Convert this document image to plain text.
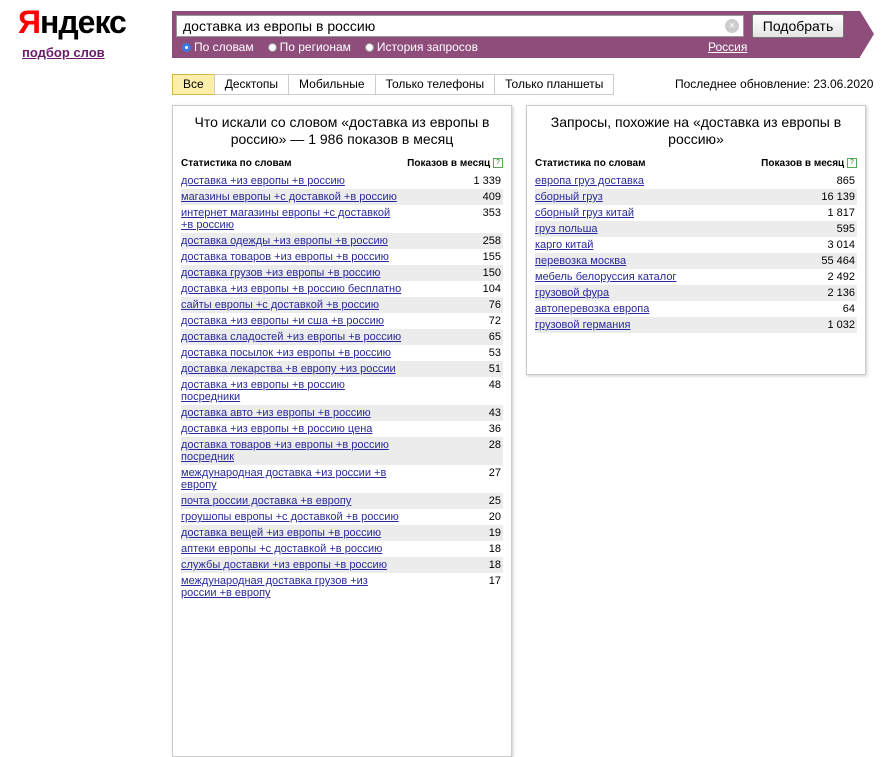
Яндекс
подбор слов
доставка из европы в россию
×	Подобрать
По словам По регионам История запросов	Россия
Все	Десктопы	Мобильные	Только телефоны	Только планшеты	Последнее обновление: 23.06.2020
Что искали со словом «доставка из европы в россию» — 1 986 показов в месяц
Статистика по словам	Показов в месяц ?
доставка +из европы +в россию	1 339
магазины европы +с доставкой +в россию	409
интернет магазины европы +с доставкой +в россию	353
доставка одежды +из европы +в россию	258
доставка товаров +из европы +в россию	155
доставка грузов +из европы +в россию	150
доставка +из европы +в россию бесплатно	104
сайты европы +с доставкой +в россию	76
доставка +из европы +и сша +в россию	72
доставка сладостей +из европы +в россию	65
доставка посылок +из европы +в россию	53
доставка лекарства +в европу +из россии	51
доставка +из европы +в россию посредники	48
доставка авто +из европы +в россию	43
доставка +из европы +в россию цена	36
доставка товаров +из европы +в россию посредник	28
международная доставка +из россии +в европу	27
почта россии доставка +в европу	25
гроушопы европы +с доставкой +в россию	20
доставка вещей +из европы +в россию	19
аптеки европы +с доставкой +в россию	18
службы доставки +из европы +в россию	18
международная доставка грузов +из россии +в европу	17
Запросы, похожие на «доставка из европы в россию»
Статистика по словам	Показов в месяц ?
европа груз доставка	865
сборный груз	16 139
сборный груз китай	1 817
груз польша	595
карго китай	3 014
перевозка москва	55 464
мебель белоруссия каталог	2 492
грузовой фура	2 136
автоперевозка европа	64
грузовой германия	1 032
